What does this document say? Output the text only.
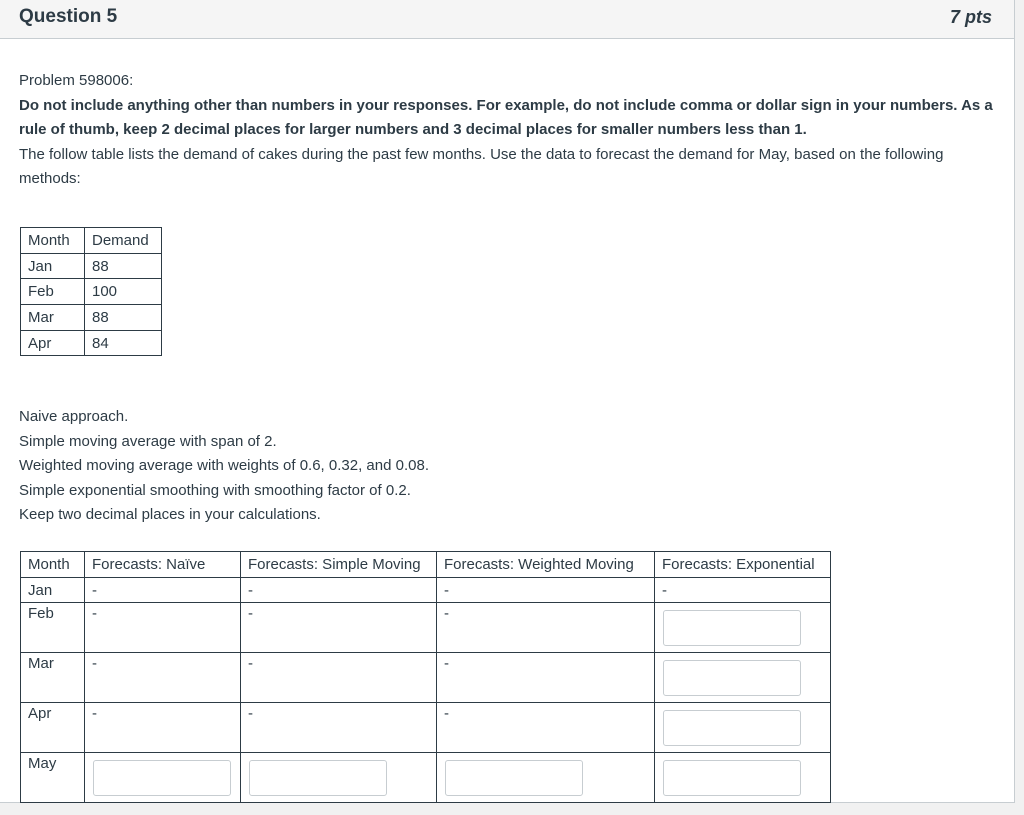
Question 5	7 pts
Problem 598006:
Do not include anything other than numbers in your responses. For example, do not include comma or dollar sign in your numbers. As a rule of thumb, keep 2 decimal places for larger numbers and 3 decimal places for smaller numbers less than 1.
The follow table lists the demand of cakes during the past few months. Use the data to forecast the demand for May, based on the following methods:
Month	Demand
Jan	88
Feb	100
Mar	88
Apr	84
Naive approach.
Simple moving average with span of 2.
Weighted moving average with weights of 0.6, 0.32, and 0.08.
Simple exponential smoothing with smoothing factor of 0.2.
Keep two decimal places in your calculations.
Month	Forecasts: Naïve	Forecasts: Simple Moving	Forecasts: Weighted Moving	Forecasts: Exponential
Jan	-	-	-	-
Feb	-	-	-	

Mar	-	-	-	

Apr	-	-	-	

May	
